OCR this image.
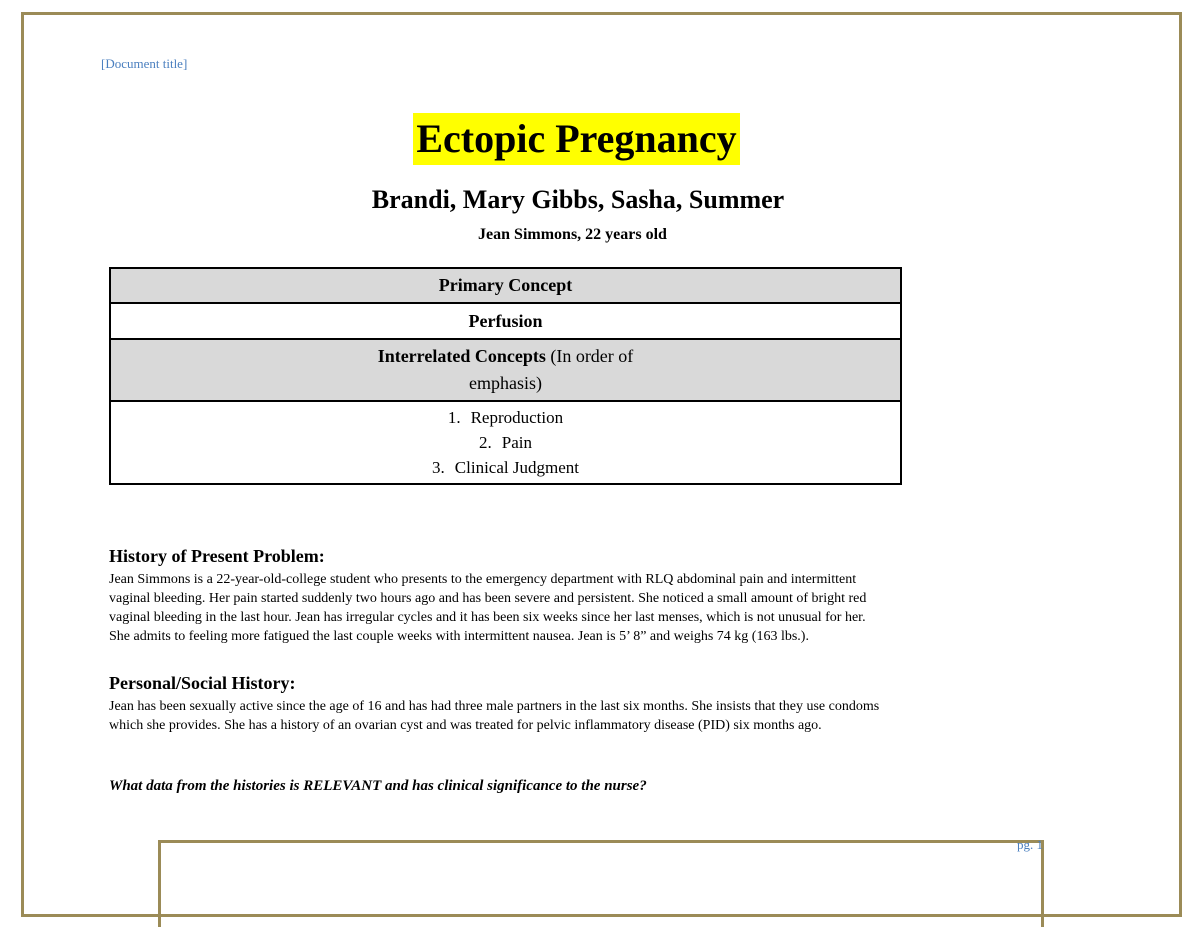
[Document title]
Ectopic Pregnancy
Brandi, Mary Gibbs, Sasha, Summer
Jean Simmons, 22 years old
Primary Concept
Perfusion
Interrelated Concepts (In order of
emphasis)

1. Reproduction
2. Pain
3. Clinical Judgment
History of Present Problem:
Jean Simmons is a 22-year-old-college student who presents to the emergency department with RLQ abdominal pain and intermittent
vaginal bleeding. Her pain started suddenly two hours ago and has been severe and persistent. She noticed a small amount of bright red
vaginal bleeding in the last hour. Jean has irregular cycles and it has been six weeks since her last menses, which is not unusual for her.
She admits to feeling more fatigued the last couple weeks with intermittent nausea. Jean is 5’ 8” and weighs 74 kg (163 lbs.).
Personal/Social History:
Jean has been sexually active since the age of 16 and has had three male partners in the last six months. She insists that they use condoms
which she provides. She has a history of an ovarian cyst and was treated for pelvic inflammatory disease (PID) six months ago.
What data from the histories is RELEVANT and has clinical significance to the nurse?
pg. 1
